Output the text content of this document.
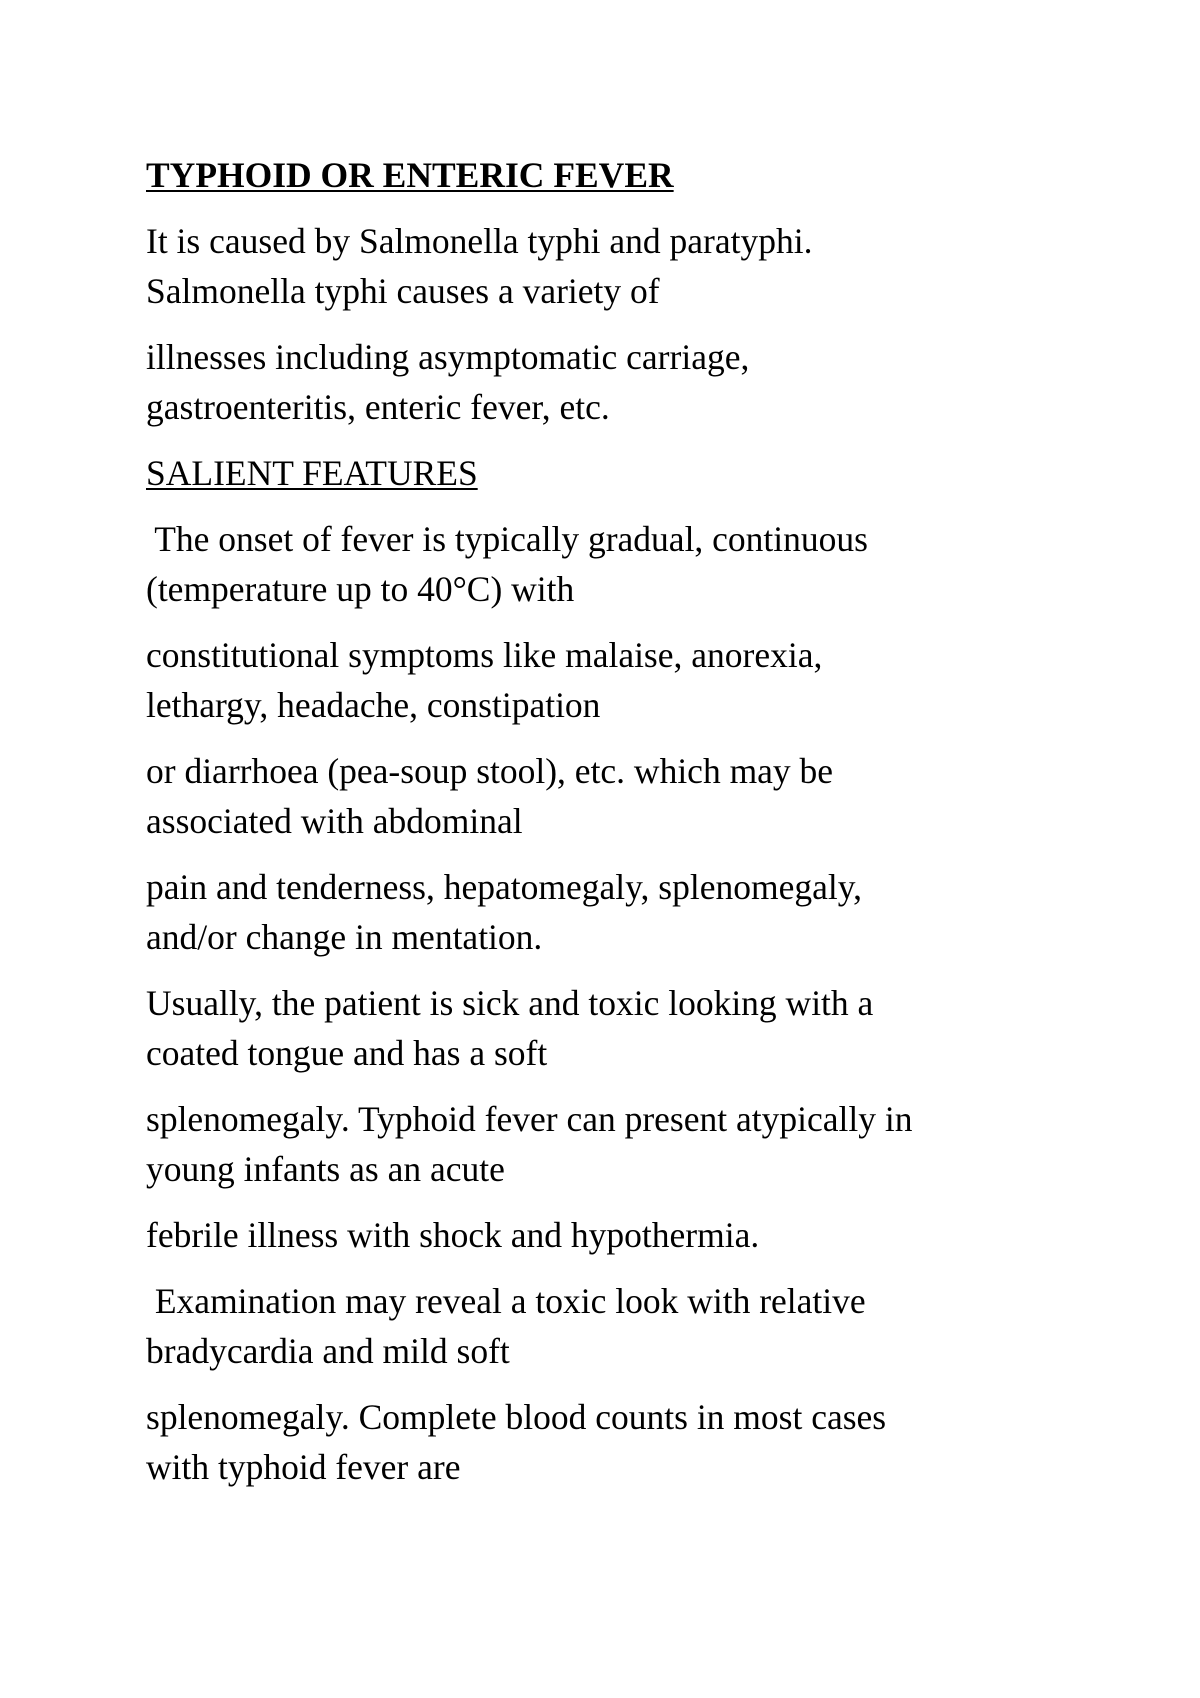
TYPHOID OR ENTERIC FEVER
It is caused by Salmonella typhi and paratyphi.
Salmonella typhi causes a variety of
illnesses including asymptomatic carriage,
gastroenteritis, enteric fever, etc.
SALIENT FEATURES
The onset of fever is typically gradual, continuous
(temperature up to 40°C) with
constitutional symptoms like malaise, anorexia,
lethargy, headache, constipation
or diarrhoea (pea-soup stool), etc. which may be
associated with abdominal
pain and tenderness, hepatomegaly, splenomegaly,
and/or change in mentation.
Usually, the patient is sick and toxic looking with a
coated tongue and has a soft
splenomegaly. Typhoid fever can present atypically in
young infants as an acute
febrile illness with shock and hypothermia.
Examination may reveal a toxic look with relative
bradycardia and mild soft
splenomegaly. Complete blood counts in most cases
with typhoid fever are
